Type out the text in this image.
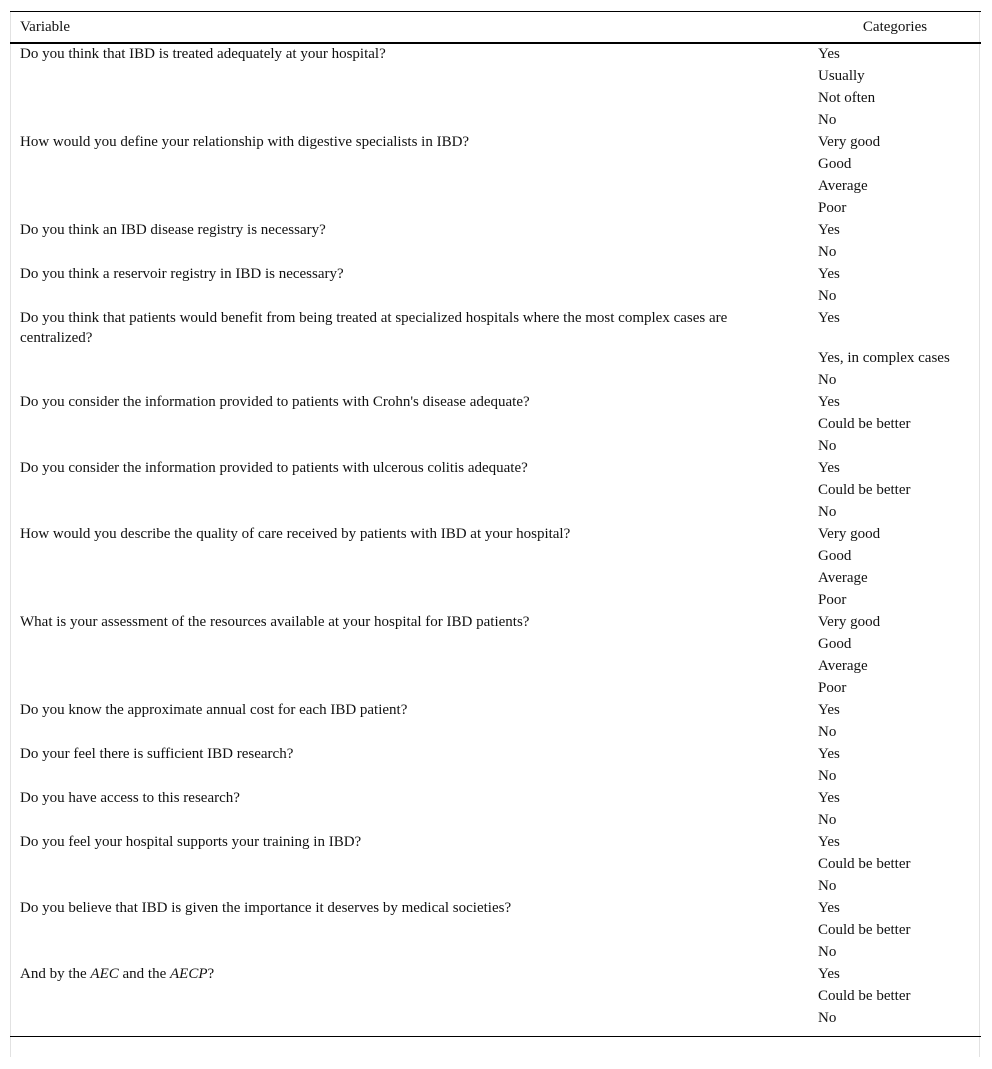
Variable	Categories

Do you think that IBD is treated adequately at your hospital?	Yes

	Usually

	Not often

	No

How would you define your relationship with digestive specialists in IBD?	Very good

	Good

	Average

	Poor

Do you think an IBD disease registry is necessary?	Yes

	No

Do you think a reservoir registry in IBD is necessary?	Yes

	No

Do you think that patients would benefit from being treated at specialized hospitals where the most complex cases are centralized?	Yes

	Yes, in complex cases

	No

Do you consider the information provided to patients with Crohn's disease adequate?	Yes

	Could be better

	No

Do you consider the information provided to patients with ulcerous colitis adequate?	Yes

	Could be better

	No

How would you describe the quality of care received by patients with IBD at your hospital?	Very good

	Good

	Average

	Poor

What is your assessment of the resources available at your hospital for IBD patients?	Very good

	Good

	Average

	Poor

Do you know the approximate annual cost for each IBD patient?	Yes

	No

Do your feel there is sufficient IBD research?	Yes

	No

Do you have access to this research?	Yes

	No

Do you feel your hospital supports your training in IBD?	Yes

	Could be better

	No

Do you believe that IBD is given the importance it deserves by medical societies?	Yes

	Could be better

	No

And by the AEC and the AECP?	Yes

	Could be better

	No
